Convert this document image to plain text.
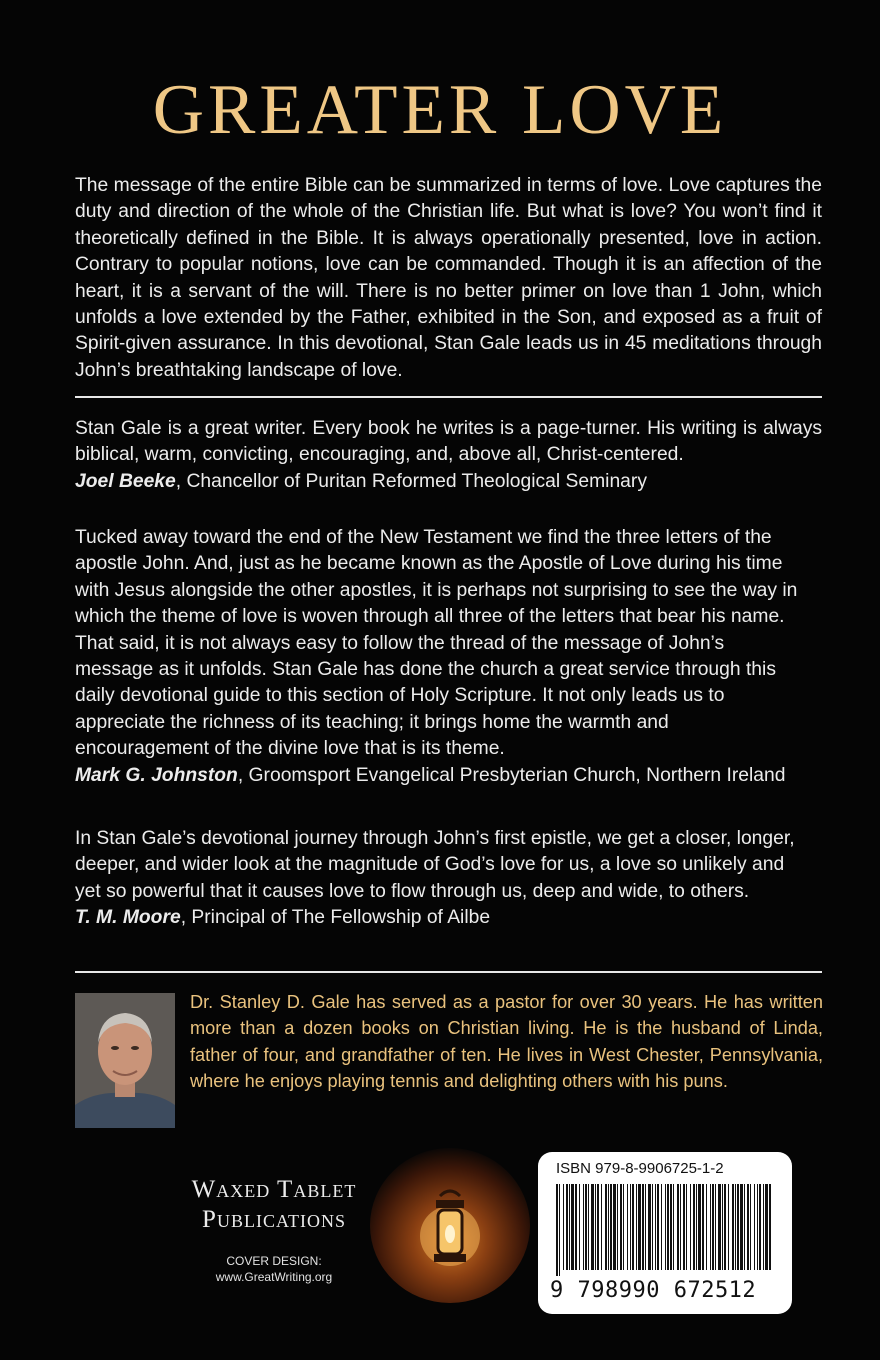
GREATER LOVE

The message of the entire Bible can be summarized in terms of love. Love captures the duty and direction of the whole of the Christian life. But what is love? You won’t find it theoretically defined in the Bible. It is always operationally presented, love in action. Contrary to popular notions, love can be commanded. Though it is an affection of the heart, it is a servant of the will. There is no better primer on love than 1 John, which unfolds a love extended by the Father, exhibited in the Son, and exposed as a fruit of Spirit-given assurance. In this devotional, Stan Gale leads us in 45 meditations through John’s breathtaking landscape of love.

Stan Gale is a great writer. Every book he writes is a page-turner. His writing is always biblical, warm, convicting, encouraging, and, above all, Christ-centered.
Joel Beeke, Chancellor of Puritan Reformed Theological Seminary
Tucked away toward the end of the New Testament we find the three letters of the apostle John. And, just as he became known as the Apostle of Love during his time with Jesus alongside the other apostles, it is perhaps not surprising to see the way in which the theme of love is woven through all three of the letters that bear his name. That said, it is not always easy to follow the thread of the message of John’s message as it unfolds. Stan Gale has done the church a great service through this daily devotional guide to this section of Holy Scripture. It not only leads us to appreciate the richness of its teaching; it brings home the warmth and encouragement of the divine love that is its theme.
Mark G. Johnston, Groomsport Evangelical Presbyterian Church, Northern Ireland
In Stan Gale’s devotional journey through John’s first epistle, we get a closer, longer, deeper, and wider look at the magnitude of God’s love for us, a love so unlikely and yet so powerful that it causes love to flow through us, deep and wide, to others.
T. M. Moore, Principal of The Fellowship of Ailbe

Dr. Stanley D. Gale has served as a pastor for over 30 years. He has written more than a dozen books on Christian living. He is the husband of Linda, father of four, and grandfather of ten. He lives in West Chester, Pennsylvania, where he enjoys playing tennis and delighting others with his puns.

Waxed Tablet
Publications
COVER DESIGN:
www.GreatWriting.org
ISBN 979-8-9906725-1-2
9 798990 672512
